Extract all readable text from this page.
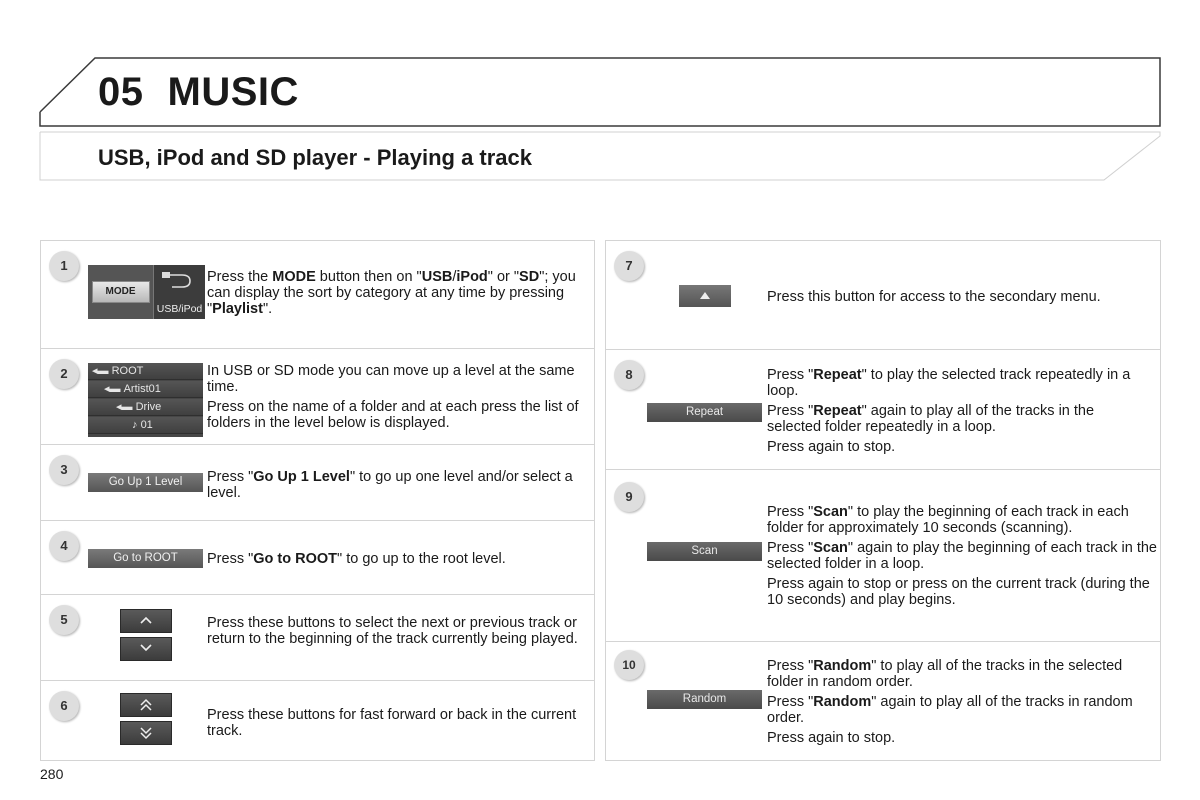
05 MUSIC
USB, iPod and SD player - Playing a track
1
MODE
USB/iPod

Press the MODE button then on "USB/iPod" or "SD"; you can display the sort by category at any time by pressing "Playlist".

2	◂▬ ROOT
◂▬ Artist01
◂▬ Drive
♪ 01

In USB or SD mode you can move up a level at the same time.

Press on the name of a folder and at each press the list of folders in the level below is displayed.

3
Go Up 1 Level	Press "Go Up 1 Level" to go up one level and/or select a level.

4
Go to ROOT	Press "Go to ROOT" to go up to the root level.

5	Press these buttons to select the next or previous track or return to the beginning of the track currently being played.

6

Press these buttons for fast forward or back in the current track.

7

Press this button for access to the secondary menu.

8
Repeat

Press "Repeat" to play the selected track repeatedly in a loop.

Press "Repeat" again to play all of the tracks in the selected folder repeatedly in a loop.

Press again to stop.

9
Scan

Press "Scan" to play the beginning of each track in each folder for approximately 10 seconds (scanning).

Press "Scan" again to play the beginning of each track in the selected folder in a loop.

Press again to stop or press on the current track (during the 10 seconds) and play begins.

10
Random

Press "Random" to play all of the tracks in the selected folder in random order.

Press "Random" again to play all of the tracks in random order.

Press again to stop.

280
